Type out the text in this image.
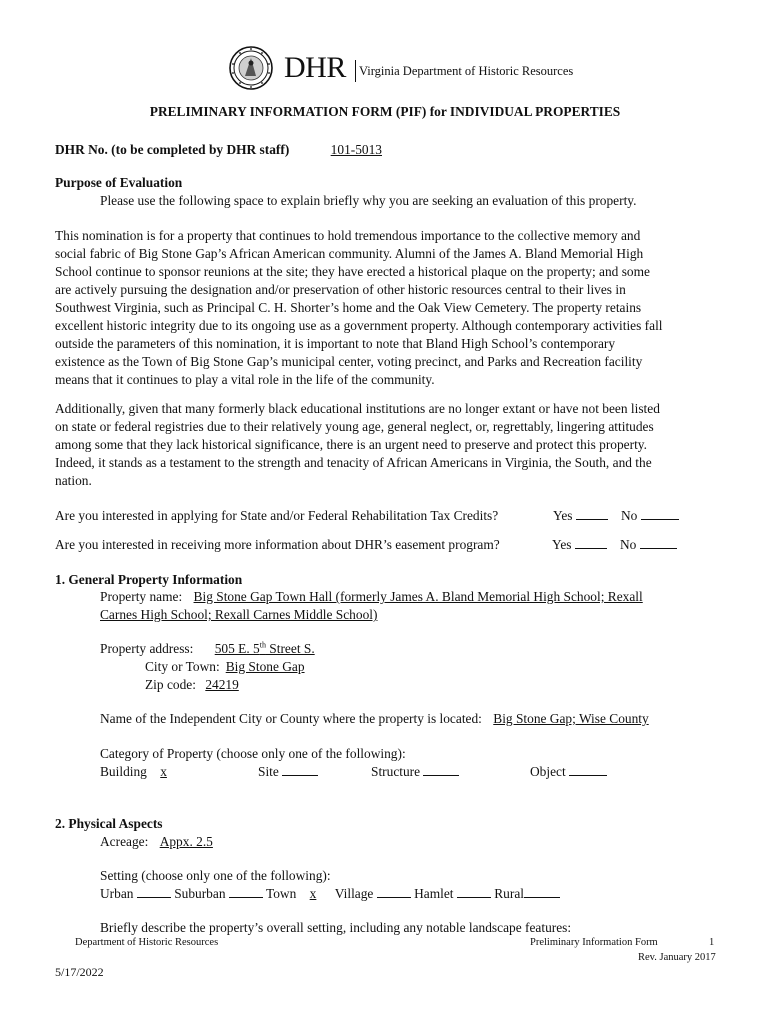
DHR Virginia Department of Historic Resources
PRELIMINARY INFORMATION FORM (PIF) for INDIVIDUAL PROPERTIES
DHR No. (to be completed by DHR staff)	101-5013
Purpose of Evaluation
Please use the following space to explain briefly why you are seeking an evaluation of this property.
This nomination is for a property that continues to hold tremendous importance to the collective memory and
social fabric of Big Stone Gap’s African American community. Alumni of the James A. Bland Memorial High
School continue to sponsor reunions at the site; they have erected a historical plaque on the property; and some
are actively pursuing the designation and/or preservation of other historic resources central to their lives in
Southwest Virginia, such as Principal C. H. Shorter’s home and the Oak View Cemetery. The property retains
excellent historic integrity due to its ongoing use as a government property. Although contemporary activities fall
outside the parameters of this nomination, it is important to note that Bland High School’s contemporary
existence as the Town of Big Stone Gap’s municipal center, voting precinct, and Parks and Recreation facility
means that it continues to play a vital role in the life of the community.
Additionally, given that many formerly black educational institutions are no longer extant or have not been listed
on state or federal registries due to their relatively young age, general neglect, or, regrettably, lingering attitudes
among some that they lack historical significance, there is an urgent need to preserve and protect this property.
Indeed, it stands as a testament to the strength and tenacity of African Americans in Virginia, the South, and the
nation.
Are you interested in applying for State and/or Federal Rehabilitation Tax Credits?	Yes	No
Are you interested in receiving more information about DHR’s easement program?	Yes	No
1. General Property Information
Property name: Big Stone Gap Town Hall (formerly James A. Bland Memorial High School; Rexall
Carnes High School; Rexall Carnes Middle School)
Property address: 505 E. 5th Street S.
City or Town: Big Stone Gap
Zip code: 24219
Name of the Independent City or County where the property is located: Big Stone Gap; Wise County
Category of Property (choose only one of the following):
Building x	Site	Structure	Object
2. Physical Aspects
Acreage: Appx. 2.5
Setting (choose only one of the following):
Urban	Suburban	Town x Village	Hamlet	Rural
Briefly describe the property’s overall setting, including any notable landscape features:
Department of Historic Resources	Preliminary Information Form	1
Rev. January 2017
5/17/2022
